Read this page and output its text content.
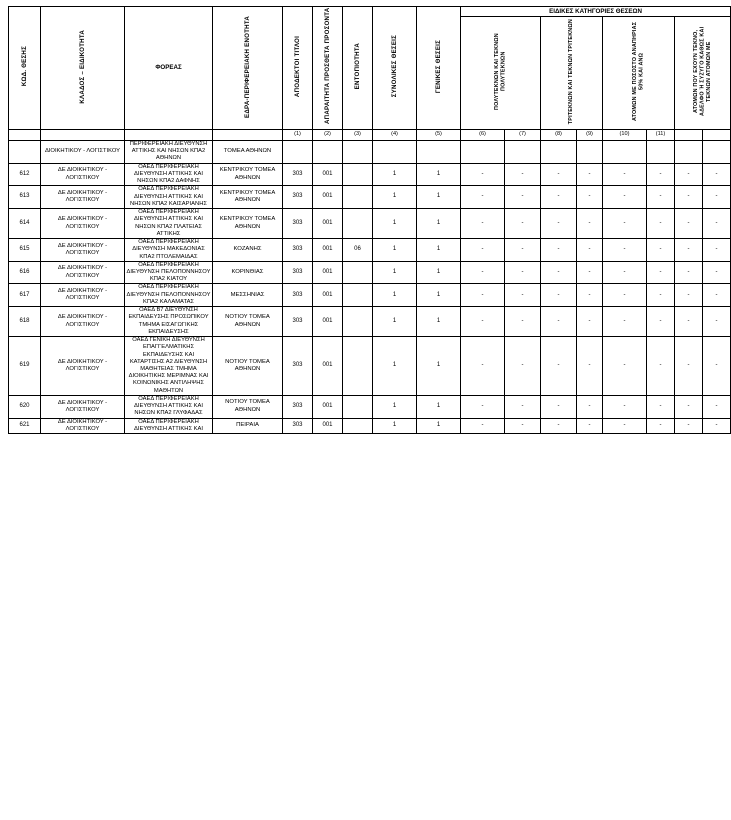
ΚΩΔ. ΘΕΣΗΣ	ΚΛΑΔΟΣ – ΕΙΔΙΚΟΤΗΤΑ	ΦΟΡΕΑΣ	ΕΔΡΑ-ΠΕΡΙΦΕΡΕΙΑΚΗ ΕΝΟΤΗΤΑ	ΑΠΟΔΕΚΤΟΙ ΤΙΤΛΟΙ	ΑΠΑΡΑΙΤΗΤΑ ΠΡΟΣΘΕΤΑ ΠΡΟΣΟΝΤΑ	ΕΝΤΟΠΙΟΤΗΤΑ	ΣΥΝΟΛΙΚΕΣ ΘΕΣΕΙΣ	ΓΕΝΙΚΕΣ ΘΕΣΕΙΣ	ΕΙΔΙΚΕΣ ΚΑΤΗΓΟΡΙΕΣ ΘΕΣΕΩΝ							
									ΠΟΛΥΤΕΚΝΩΝ ΚΑΙ ΤΕΚΝΩΝ ΠΟΛΥΤΕΚΝΩΝ		ΤΡΙΤΕΚΝΩΝ ΚΑΙ ΤΕΚΝΩΝ ΤΡΙΤΕΚΝΩΝ		ΑΤΟΜΩΝ ΜΕ ΠΟΣΟΣΤΟ ΑΝΑΠΗΡΙΑΣ 50% ΚΑΙ ΑΝΩ		ΑΤΟΜΩΝ ΠΟΥ ΕΧΟΥΝ ΤΕΚΝΟ, ΑΔΕΛΦΟ Ή ΣΥΖΥΓΟ ΚΑΘΩΣ ΚΑΙ ΤΕΚΝΩΝ ΑΤΟΜΩΝ ΜΕ	
				(1)	(2)	(3)	(4)	(5)	(6)	(7)	(8)	(9)	(10)	(11)		
	ΔΙΟΙΚΗΤΙΚΟΥ - ΛΟΓΙΣΤΙΚΟΥ	ΠΕΡΙΦΕΡΕΙΑΚΗ ΔΙΕΥΘΥΝΣΗ ΑΤΤΙΚΗΣ ΚΑΙ ΝΗΣΩΝ ΚΠΑ2 ΑΘΗΝΩΝ	ΤΟΜΕΑ ΑΘΗΝΩΝ													
612	ΔΕ ΔΙΟΙΚΗΤΙΚΟΥ - ΛΟΓΙΣΤΙΚΟΥ	ΟΑΕΔ ΠΕΡΙΦΕΡΕΙΑΚΗ ΔΙΕΥΘΥΝΣΗ ΑΤΤΙΚΗΣ ΚΑΙ ΝΗΣΩΝ ΚΠΑ2 ΔΑΦΝΗΣ	ΚΕΝΤΡΙΚΟΥ ΤΟΜΕΑ ΑΘΗΝΩΝ	303	001		1	1	-	-	-	-	-	-	-	-
613	ΔΕ ΔΙΟΙΚΗΤΙΚΟΥ - ΛΟΓΙΣΤΙΚΟΥ	ΟΑΕΔ ΠΕΡΙΦΕΡΕΙΑΚΗ ΔΙΕΥΘΥΝΣΗ ΑΤΤΙΚΗΣ ΚΑΙ ΝΗΣΩΝ ΚΠΑ2 ΚΑΙΣΑΡΙΑΝΗΣ	ΚΕΝΤΡΙΚΟΥ ΤΟΜΕΑ ΑΘΗΝΩΝ	303	001		1	1	-	-	-	-	-	-	-	-
614	ΔΕ ΔΙΟΙΚΗΤΙΚΟΥ - ΛΟΓΙΣΤΙΚΟΥ	ΟΑΕΔ ΠΕΡΙΦΕΡΕΙΑΚΗ ΔΙΕΥΘΥΝΣΗ ΑΤΤΙΚΗΣ ΚΑΙ ΝΗΣΩΝ ΚΠΑ2 ΠΛΑΤΕΙΑΣ ΑΤΤΙΚΗΣ	ΚΕΝΤΡΙΚΟΥ ΤΟΜΕΑ ΑΘΗΝΩΝ	303	001		1	1	-	-	-	-	-	-	-	-
615	ΔΕ ΔΙΟΙΚΗΤΙΚΟΥ - ΛΟΓΙΣΤΙΚΟΥ	ΟΑΕΔ ΠΕΡΙΦΕΡΕΙΑΚΗ ΔΙΕΥΘΥΝΣΗ ΜΑΚΕΔΟΝΙΑΣ ΚΠΑ2 ΠΤΟΛΕΜΑΙΔΑΣ	ΚΟΖΑΝΗΣ	303	001	06	1	1	-	-	-	-	-	-	-	-
616	ΔΕ ΔΙΟΙΚΗΤΙΚΟΥ - ΛΟΓΙΣΤΙΚΟΥ	ΟΑΕΔ ΠΕΡΙΦΕΡΕΙΑΚΗ ΔΙΕΥΘΥΝΣΗ ΠΕΛΟΠΟΝΝΗΣΟΥ ΚΠΑ2 ΚΙΑΤΟΥ	ΚΟΡΙΝΘΙΑΣ	303	001		1	1	-	-	-	-	-	-	-	-
617	ΔΕ ΔΙΟΙΚΗΤΙΚΟΥ - ΛΟΓΙΣΤΙΚΟΥ	ΟΑΕΔ ΠΕΡΙΦΕΡΕΙΑΚΗ ΔΙΕΥΘΥΝΣΗ ΠΕΛΟΠΟΝΝΗΣΟΥ ΚΠΑ2 ΚΑΛΑΜΑΤΑΣ	ΜΕΣΣΗΝΙΑΣ	303	001		1	1	-	-	-	-	-	-	-	-
618	ΔΕ ΔΙΟΙΚΗΤΙΚΟΥ - ΛΟΓΙΣΤΙΚΟΥ	ΟΑΕΔ Β7 ΔΙΕΥΘΥΝΣΗ ΕΚΠΑΙΔΕΥΣΗΣ ΠΡΟΣΩΠΙΚΟΥ ΤΜΗΜΑ ΕΙΣΑΓΩΓΙΚΗΣ ΕΚΠΑΙΔΕΥΣΗΣ	ΝΟΤΙΟΥ ΤΟΜΕΑ ΑΘΗΝΩΝ	303	001		1	1	-	-	-	-	-	-	-	-
619	ΔΕ ΔΙΟΙΚΗΤΙΚΟΥ - ΛΟΓΙΣΤΙΚΟΥ	ΟΑΕΔ ΓΕΝΙΚΗ ΔΙΕΥΘΥΝΣΗ ΕΠΑΓΓΕΛΜΑΤΙΚΗΣ ΕΚΠΑΙΔΕΥΣΗΣ ΚΑΙ ΚΑΤΑΡΤΙΣΗΣ Α2 ΔΙΕΥΘΥΝΣΗ ΜΑΘΗΤΕΙΑΣ ΤΜΗΜΑ ΔΙΟΙΚΗΤΙΚΗΣ ΜΕΡΙΜΝΑΣ ΚΑΙ ΚΟΙΝΩΝΙΚΗΣ ΑΝΤΙΛΗΨΗΣ ΜΑΘΗΤΩΝ	ΝΟΤΙΟΥ ΤΟΜΕΑ ΑΘΗΝΩΝ	303	001		1	1	-	-	-	-	-	-	-	-
620	ΔΕ ΔΙΟΙΚΗΤΙΚΟΥ - ΛΟΓΙΣΤΙΚΟΥ	ΟΑΕΔ ΠΕΡΙΦΕΡΕΙΑΚΗ ΔΙΕΥΘΥΝΣΗ ΑΤΤΙΚΗΣ ΚΑΙ ΝΗΣΩΝ ΚΠΑ2 ΓΛΥΦΑΔΑΣ	ΝΟΤΙΟΥ ΤΟΜΕΑ ΑΘΗΝΩΝ	303	001		1	1	-	-	-	-	-	-	-	-
621	ΔΕ ΔΙΟΙΚΗΤΙΚΟΥ - ΛΟΓΙΣΤΙΚΟΥ	ΟΑΕΔ ΠΕΡΙΦΕΡΕΙΑΚΗ ΔΙΕΥΘΥΝΣΗ ΑΤΤΙΚΗΣ ΚΑΙ	ΠΕΙΡΑΙΑ	303	001		1	1	-	-	-	-	-	-	-	-
